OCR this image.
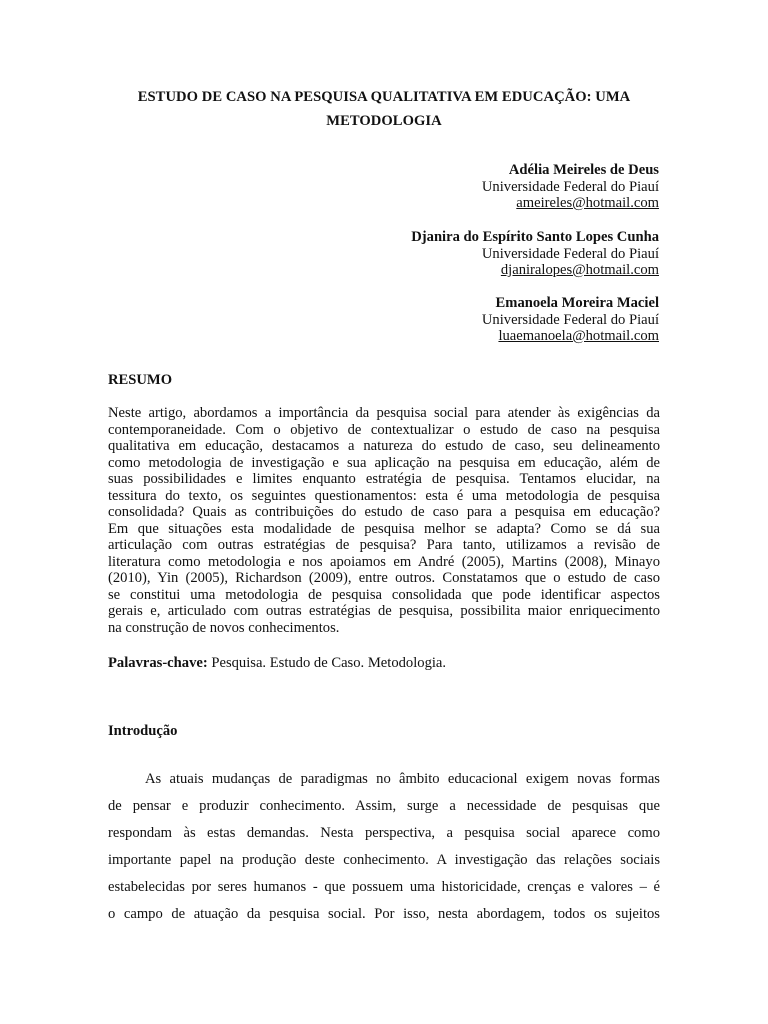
ESTUDO DE CASO NA PESQUISA QUALITATIVA EM EDUCAÇÃO: UMA
METODOLOGIA
Adélia Meireles de Deus
Universidade Federal do Piauí
ameireles@hotmail.com
Djanira do Espírito Santo Lopes Cunha
Universidade Federal do Piauí
djaniralopes@hotmail.com
Emanoela Moreira Maciel
Universidade Federal do Piauí
luaemanoela@hotmail.com
RESUMO
Neste artigo, abordamos a importância da pesquisa social para atender às exigências da
contemporaneidade. Com o objetivo de contextualizar o estudo de caso na pesquisa
qualitativa em educação, destacamos a natureza do estudo de caso, seu delineamento
como metodologia de investigação e sua aplicação na pesquisa em educação, além de
suas possibilidades e limites enquanto estratégia de pesquisa. Tentamos elucidar, na
tessitura do texto, os seguintes questionamentos: esta é uma metodologia de pesquisa
consolidada? Quais as contribuições do estudo de caso para a pesquisa em educação?
Em que situações esta modalidade de pesquisa melhor se adapta? Como se dá sua
articulação com outras estratégias de pesquisa? Para tanto, utilizamos a revisão de
literatura como metodologia e nos apoiamos em André (2005), Martins (2008), Minayo
(2010), Yin (2005), Richardson (2009), entre outros. Constatamos que o estudo de caso
se constitui uma metodologia de pesquisa consolidada que pode identificar aspectos
gerais e, articulado com outras estratégias de pesquisa, possibilita maior enriquecimento
na construção de novos conhecimentos.
Palavras-chave: Pesquisa. Estudo de Caso. Metodologia.
Introdução
As atuais mudanças de paradigmas no âmbito educacional exigem novas formas
de pensar e produzir conhecimento. Assim, surge a necessidade de pesquisas que
respondam às estas demandas. Nesta perspectiva, a pesquisa social aparece como
importante papel na produção deste conhecimento. A investigação das relações sociais
estabelecidas por seres humanos - que possuem uma historicidade, crenças e valores – é
o campo de atuação da pesquisa social. Por isso, nesta abordagem, todos os sujeitos
